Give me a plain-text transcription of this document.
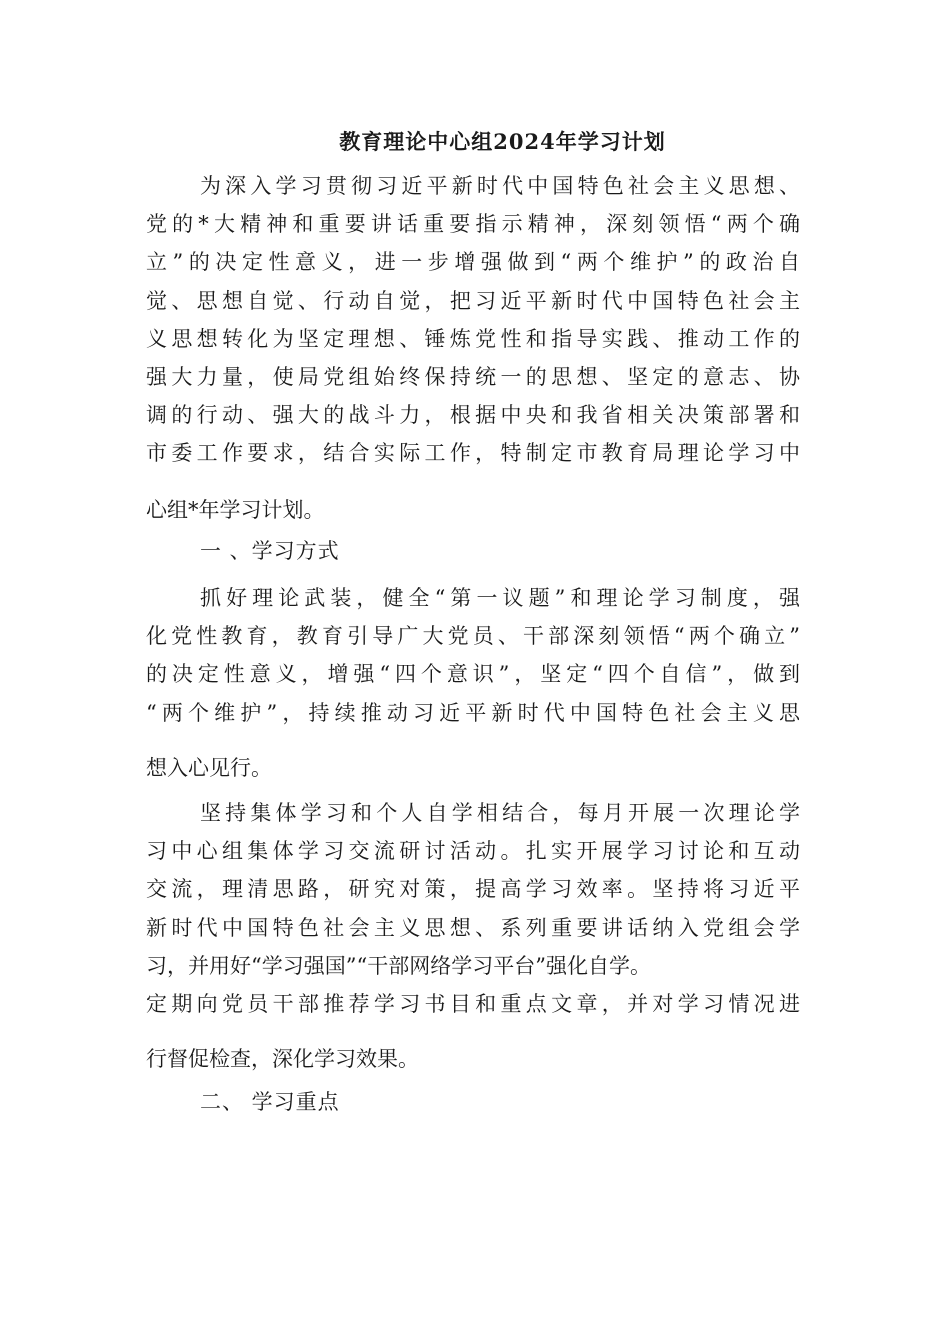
教育理论中心组2024年学习计划
为深入学习贯彻习近平新时代中国特色社会主义思想、
党的*大精神和重要讲话重要指示精神，深刻领悟“两个确
立”的决定性意义，进一步增强做到“两个维护”的政治自
觉、思想自觉、行动自觉，把习近平新时代中国特色社会主
义思想转化为坚定理想、锤炼党性和指导实践、推动工作的
强大力量，使局党组始终保持统一的思想、坚定的意志、协
调的行动、强大的战斗力，根据中央和我省相关决策部署和
市委工作要求，结合实际工作，特制定市教育局理论学习中
心组*年学习计划。
一 、学习方式
抓好理论武装，健全“第一议题”和理论学习制度，强
化党性教育，教育引导广大党员、干部深刻领悟“两个确立”
的决定性意义，增强“四个意识”，坚定“四个自信”，做到
“两个维护”，持续推动习近平新时代中国特色社会主义思
想入心见行。
坚持集体学习和个人自学相结合，每月开展一次理论学
习中心组集体学习交流研讨活动。扎实开展学习讨论和互动
交流，理清思路，研究对策，提高学习效率。坚持将习近平
新时代中国特色社会主义思想、系列重要讲话纳入党组会学
习，并用好“学习强国”“干部网络学习平台”强化自学。
定期向党员干部推荐学习书目和重点文章，并对学习情况进
行督促检查，深化学习效果。
二、 学习重点
